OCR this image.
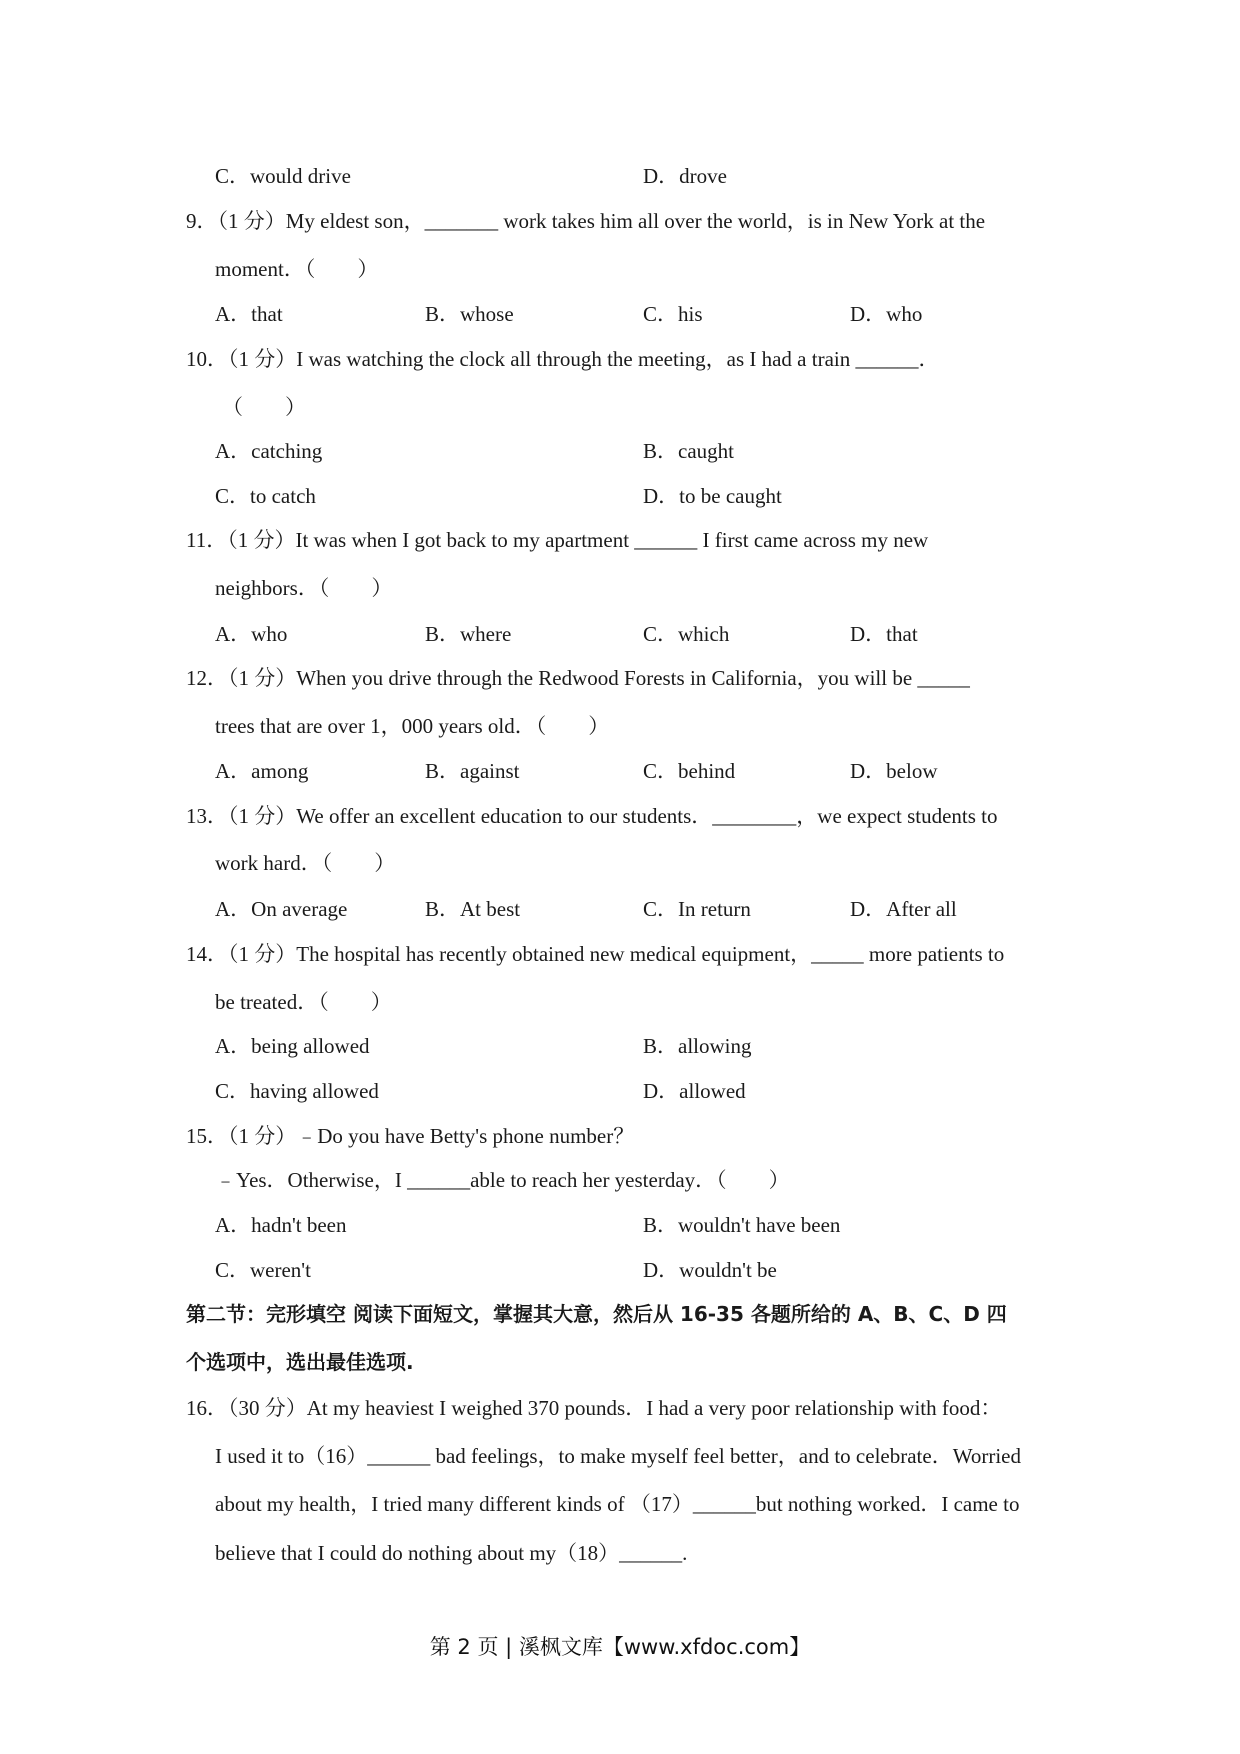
C．would drive	D．drove
9．（1 分）My eldest son，_______ work takes him all over the world，is in New York at the
moment．（　　）
A．that	B．whose	C．his	D．who
10．（1 分）I was watching the clock all through the meeting，as I had a train ______．
（　　）
A．catching	B．caught
C．to catch	D．to be caught
11．（1 分）It was when I got back to my apartment ______ I first came across my new
neighbors．（　　）
A．who	B．where	C．which	D．that
12．（1 分）When you drive through the Redwood Forests in California，you will be _____
trees that are over 1，000 years old．（　　）
A．among	B．against	C．behind	D．below
13．（1 分）We offer an excellent education to our students．________，we expect students to
work hard．（　　）
A．On average	B．At best	C．In return	D．After all
14．（1 分）The hospital has recently obtained new medical equipment，_____ more patients to
be treated．（　　）
A．being allowed	B．allowing
C．having allowed	D．allowed
15．（1 分）﹣Do you have Betty's phone number？
﹣Yes．Otherwise，I ______able to reach her yesterday．（　　）
A．hadn't been	B．wouldn't have been
C．weren't	D．wouldn't be
第二节：完形填空 阅读下面短文，掌握其大意，然后从 16-35 各题所给的 A、B、C、D 四
个选项中，选出最佳选项.
16．（30 分）At my heaviest I weighed 370 pounds．I had a very poor relationship with food：
I used it to（16）______ bad feelings，to make myself feel better，and to celebrate．Worried
about my health，I tried many different kinds of （17）______but nothing worked．I came to
believe that I could do nothing about my（18）______.
第 2 页 | 溪枫文库【www.xfdoc.com】
